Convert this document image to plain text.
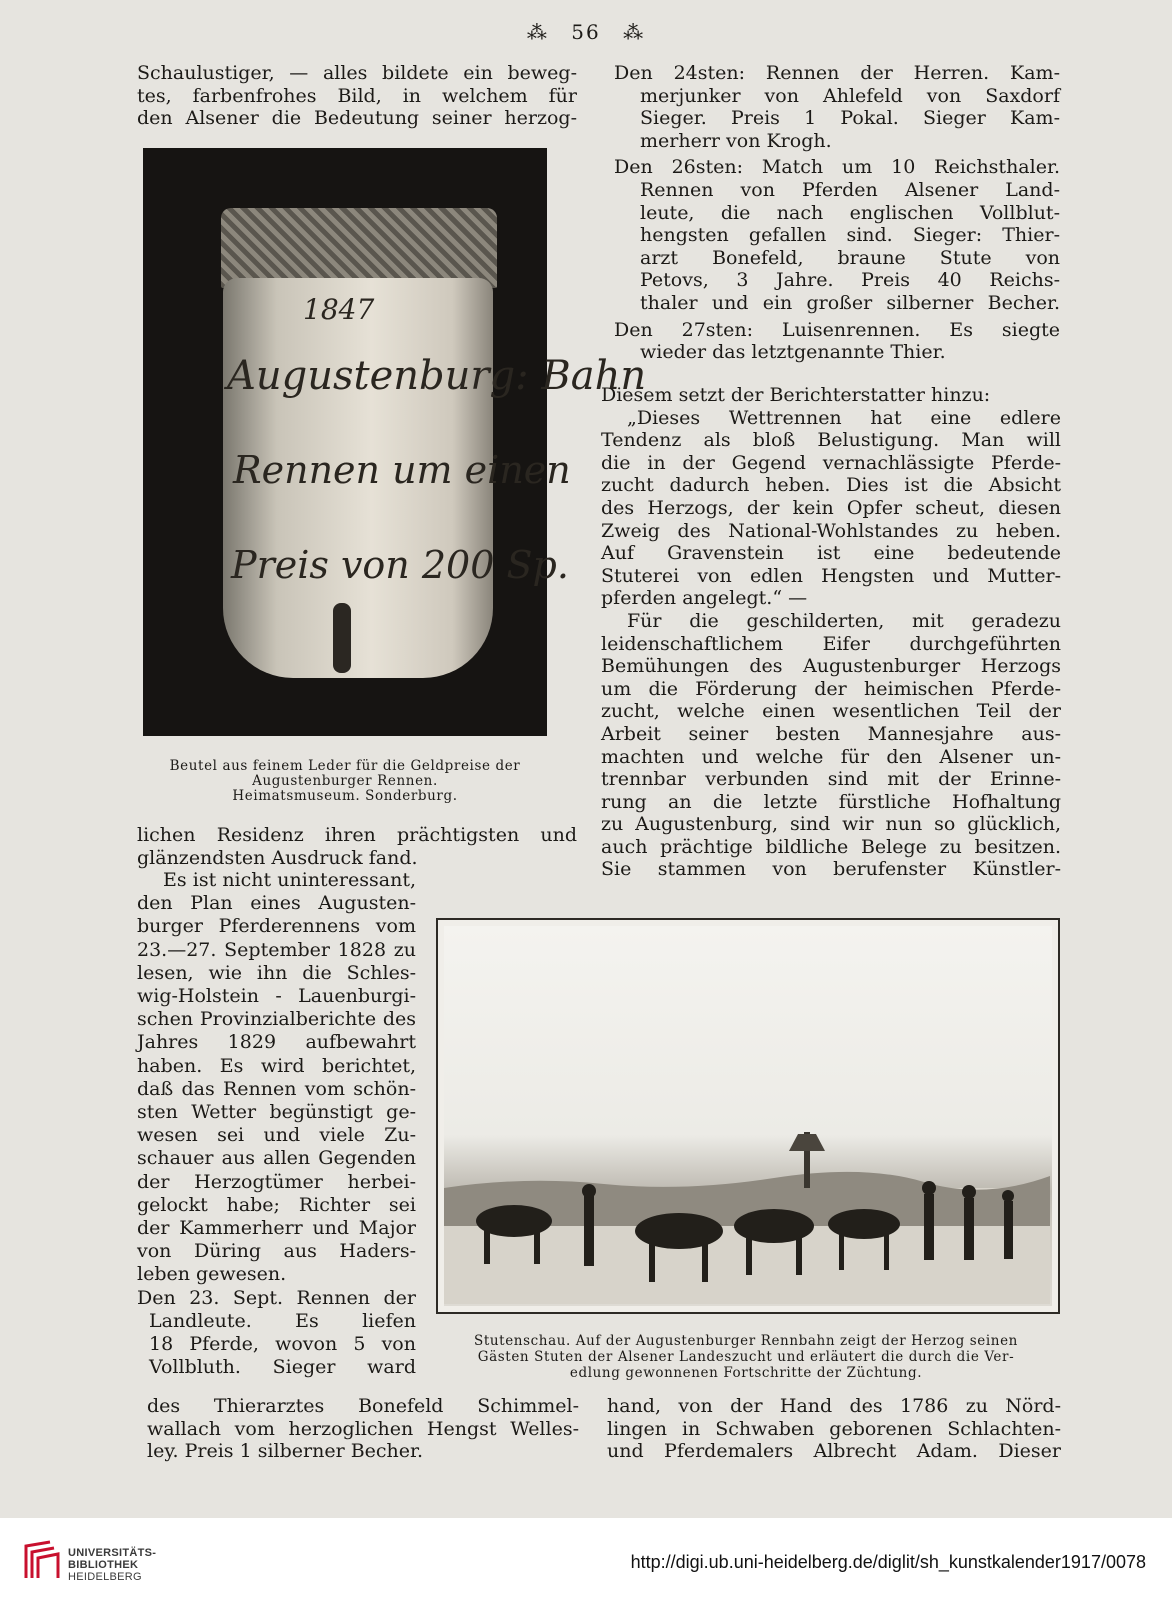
⁂ 56 ⁂

Schaulustiger, — alles bildete ein beweg-

tes, farbenfrohes Bild, in welchem für

den Alsener die Bedeutung seiner herzog-

1847
Augustenburg: Bahn
Rennen um einen
Preis von 200 Sp.
Beutel aus feinem Leder für die Geldpreise der
Augustenburger Rennen.
Heimatsmuseum. Sonderburg.

lichen Residenz ihren prächtigsten und

glänzendsten Ausdruck fand.

Es ist nicht uninteressant,

den Plan eines Augusten-

burger Pferderennens vom

23.—27. September 1828 zu

lesen, wie ihn die Schles-

wig-Holstein - Lauenburgi-

schen Provinzialberichte des

Jahres 1829 aufbewahrt

haben. Es wird berichtet,

daß das Rennen vom schön-

sten Wetter begünstigt ge-

wesen sei und viele Zu-

schauer aus allen Gegenden

der Herzogtümer herbei-

gelockt habe; Richter sei

der Kammerherr und Major

von Düring aus Haders-

leben gewesen.

Den 23. Sept. Rennen der

Landleute. Es liefen

18 Pferde, wovon 5 von

Vollbluth. Sieger ward

Stutenschau. Auf der Augustenburger Rennbahn zeigt der Herzog seinen
Gästen Stuten der Alsener Landeszucht und erläutert die durch die Ver-
edlung gewonnenen Fortschritte der Züchtung.

des Thierarztes Bonefeld Schimmel-

wallach vom herzoglichen Hengst Welles-

ley. Preis 1 silberner Becher.

Den 24sten: Rennen der Herren. Kam-

merjunker von Ahlefeld von Saxdorf

Sieger. Preis 1 Pokal. Sieger Kam-

merherr von Krogh.

Den 26sten: Match um 10 Reichsthaler.

Rennen von Pferden Alsener Land-

leute, die nach englischen Vollblut-

hengsten gefallen sind. Sieger: Thier-

arzt Bonefeld, braune Stute von

Petovs, 3 Jahre. Preis 40 Reichs-

thaler und ein großer silberner Becher.

Den 27sten: Luisenrennen. Es siegte

wieder das letztgenannte Thier.

Diesem setzt der Berichterstatter hinzu:

„Dieses Wettrennen hat eine edlere

Tendenz als bloß Belustigung. Man will

die in der Gegend vernachlässigte Pferde-

zucht dadurch heben. Dies ist die Absicht

des Herzogs, der kein Opfer scheut, diesen

Zweig des National-Wohlstandes zu heben.

Auf Gravenstein ist eine bedeutende

Stuterei von edlen Hengsten und Mutter-

pferden angelegt.“ —

Für die geschilderten, mit geradezu

leidenschaftlichem Eifer durchgeführten

Bemühungen des Augustenburger Herzogs

um die Förderung der heimischen Pferde-

zucht, welche einen wesentlichen Teil der

Arbeit seiner besten Mannesjahre aus-

machten und welche für den Alsener un-

trennbar verbunden sind mit der Erinne-

rung an die letzte fürstliche Hofhaltung

zu Augustenburg, sind wir nun so glücklich,

auch prächtige bildliche Belege zu besitzen.

Sie stammen von berufenster Künstler-

hand, von der Hand des 1786 zu Nörd-

lingen in Schwaben geborenen Schlachten-

und Pferdemalers Albrecht Adam. Dieser

UNIVERSITÄTS-
BIBLIOTHEK
HEIDELBERG
http://digi.ub.uni-heidelberg.de/diglit/sh_kunstkalender1917/0078
